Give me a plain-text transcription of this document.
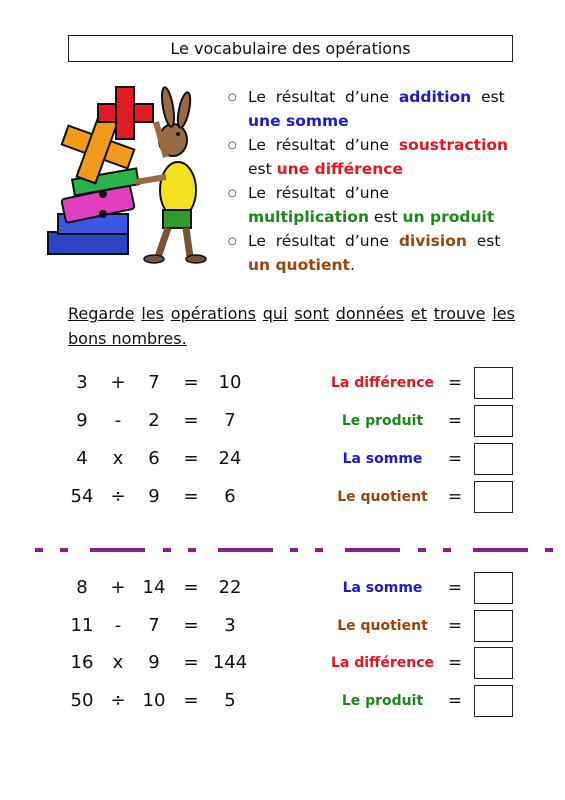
Le vocabulaire des opérations
○ Le  résultat  d’une  addition  est une somme
○ Le  résultat  d’une  soustraction est une différence
○ Le  résultat  d’une  multiplication est un produit
○ Le  résultat  d’une  division  est  un quotient.
Regarde les opérations qui sont données et trouve les
bons nombres.
3	+	7	=	10	La différence =
9	-	2	=	7	Le produit	=
4	x	6	=	24	La somme	=
54 ÷	9	=	6	Le quotient	=
8	+ 14	=	22	La somme	=
11	-	7	=	3	Le quotient	=
16	x	9	= 144	La différence =
50 ÷ 10	=	5	Le produit	=
